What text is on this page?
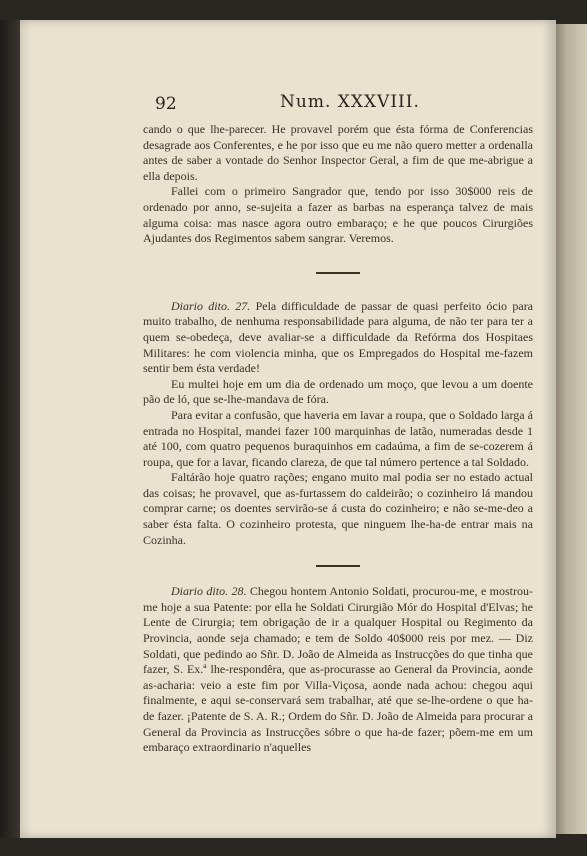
92	Num. XXXVIII.

cando o que lhe-parecer. He provavel porém que ésta fórma de Conferencias desagrade aos Conferentes, e he por isso que eu me não quero metter a ordenalla antes de saber a vontade do Senhor Inspector Geral, a fim de que me-abrigue a ella depois.

Fallei com o primeiro Sangrador que, tendo por isso 30$000 reis de ordenado por anno, se-sujeita a fazer as barbas na esperança talvez de mais alguma coisa: mas nasce agora outro embaraço; e he que poucos Cirurgiões Ajudantes dos Regimentos sabem sangrar. Veremos.

Diario dito. 27. Pela difficuldade de passar de quasi perfeito ócio para muito trabalho, de nenhuma responsabilidade para alguma, de não ter para ter a quem se-obedeça, deve avaliar-se a difficuldade da Refórma dos Hospitaes Militares: he com violencia minha, que os Empregados do Hospital me-fazem sentir bem ésta verdade!

Eu multei hoje em um dia de ordenado um moço, que levou a um doente pão de ló, que se-lhe-mandava de fóra.

Para evitar a confusão, que haveria em lavar a roupa, que o Soldado larga á entrada no Hospital, mandei fazer 100 marquinhas de latão, numeradas desde 1 até 100, com quatro pequenos buraquinhos em cadaúma, a fim de se-cozerem á roupa, que for a lavar, ficando clareza, de que tal número pertence a tal Soldado.

Faltárão hoje quatro rações; engano muito mal podia ser no estado actual das coisas; he provavel, que as-furtassem do caldeirão; o cozinheiro lá mandou comprar carne; os doentes servirão-se á custa do cozinheiro; e não se-me-deo a saber ésta falta. O cozinheiro protesta, que ninguem lhe-ha-de entrar mais na Cozinha.

Diario dito. 28. Chegou hontem Antonio Soldati, procurou-me, e mostrou-me hoje a sua Patente: por ella he Soldati Cirurgião Mór do Hospital d'Elvas; he Lente de Cirurgia; tem obrigação de ir a qualquer Hospital ou Regimento da Provincia, aonde seja chamado; e tem de Soldo 40$000 reis por mez. — Diz Soldati, que pedindo ao Sñr. D. João de Almeida as Instrucções do que tinha que fazer, S. Ex.ª lhe-respondêra, que as-procurasse ao General da Provincia, aonde as-acharia: veio a este fim por Villa-Viçosa, aonde nada achou: chegou aqui finalmente, e aqui se-conservará sem trabalhar, até que se-lhe-ordene o que ha-de fazer. ¡Patente de S. A. R.; Ordem do Sñr. D. João de Almeida para procurar a General da Provincia as Instrucções sóbre o que ha-de fazer; põem-me em um embaraço extraordinario n'aquelles
